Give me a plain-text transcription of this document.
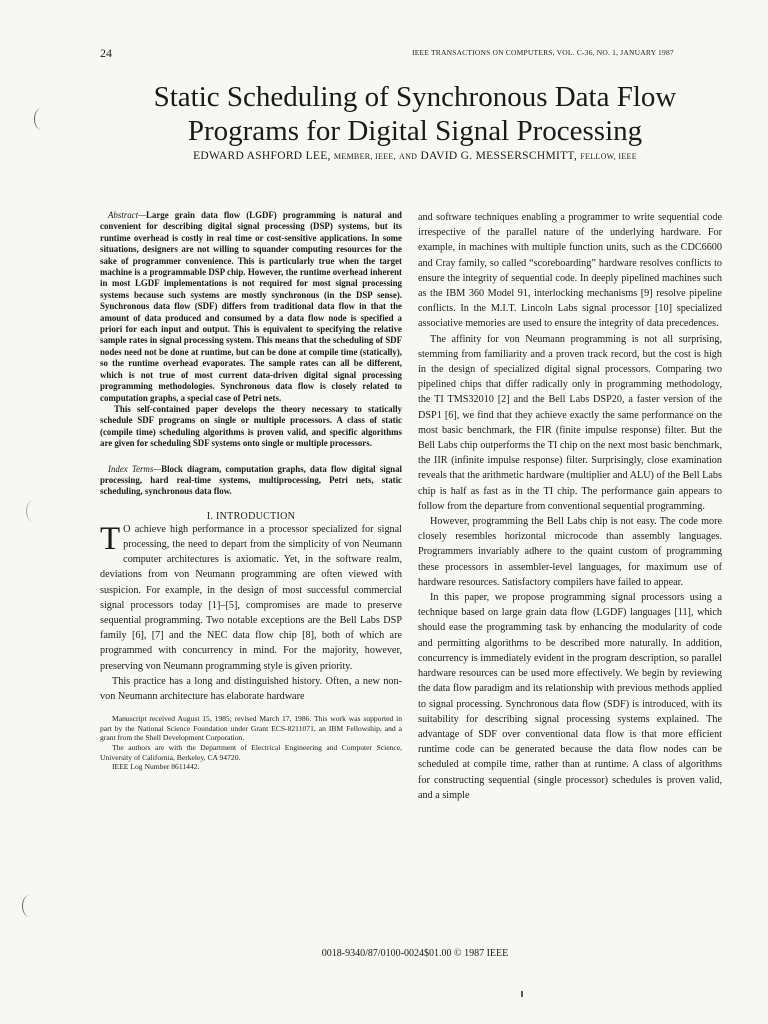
24	IEEE TRANSACTIONS ON COMPUTERS, VOL. C-36, NO. 1, JANUARY 1987
Static Scheduling of Synchronous Data Flow
Programs for Digital Signal Processing
EDWARD ASHFORD LEE, MEMBER, IEEE, AND DAVID G. MESSERSCHMITT, FELLOW, IEEE

Abstract—Large grain data flow (LGDF) programming is natural and convenient for describing digital signal processing (DSP) systems, but its runtime overhead is costly in real time or cost-sensitive applications. In some situations, designers are not willing to squander computing resources for the sake of programmer convenience. This is particularly true when the target machine is a programmable DSP chip. However, the runtime overhead inherent in most LGDF implementations is not required for most signal processing systems because such systems are mostly synchronous (in the DSP sense). Synchronous data flow (SDF) differs from traditional data flow in that the amount of data produced and consumed by a data flow node is specified a priori for each input and output. This is equivalent to specifying the relative sample rates in signal processing system. This means that the scheduling of SDF nodes need not be done at runtime, but can be done at compile time (statically), so the runtime overhead evaporates. The sample rates can all be different, which is not true of most current data-driven digital signal processing programming methodologies. Synchronous data flow is closely related to computation graphs, a special case of Petri nets.

This self-contained paper develops the theory necessary to statically schedule SDF programs on single or multiple processors. A class of static (compile time) scheduling algorithms is proven valid, and specific algorithms are given for scheduling SDF systems onto single or multiple processors.

Index Terms—Block diagram, computation graphs, data flow digital signal processing, hard real-time systems, multiprocessing, Petri nets, static scheduling, synchronous data flow.
I. INTRODUCTION

T O achieve high performance in a processor specialized for signal processing, the need to depart from the simplicity of von Neumann computer architectures is axiomatic. Yet, in the software realm, deviations from von Neumann programming are often viewed with suspicion. For example, in the design of most successful commercial signal processors today [1]–[5], compromises are made to preserve sequential programming. Two notable exceptions are the Bell Labs DSP family [6], [7] and the NEC data flow chip [8], both of which are programmed with concurrency in mind. For the majority, however, preserving von Neumann programming style is given priority.

This practice has a long and distinguished history. Often, a new non-von Neumann architecture has elaborate hardware

Manuscript received August 15, 1985; revised March 17, 1986. This work was supported in part by the National Science Foundation under Grant ECS-8211071, an IBM Fellowship, and a grant from the Shell Development Corporation.

The authors are with the Department of Electrical Engineering and Computer Science, University of California, Berkeley, CA 94720.

IEEE Log Number 8611442.

and software techniques enabling a programmer to write sequential code irrespective of the parallel nature of the underlying hardware. For example, in machines with multiple function units, such as the CDC6600 and Cray family, so called “scoreboarding” hardware resolves conflicts to ensure the integrity of sequential code. In deeply pipelined machines such as the IBM 360 Model 91, interlocking mechanisms [9] resolve pipeline conflicts. In the M.I.T. Lincoln Labs signal processor [10] specialized associative memories are used to ensure the integrity of data precedences.

The affinity for von Neumann programming is not all surprising, stemming from familiarity and a proven track record, but the cost is high in the design of specialized digital signal processors. Comparing two pipelined chips that differ radically only in programming methodology, the TI TMS32010 [2] and the Bell Labs DSP20, a faster version of the DSP1 [6], we find that they achieve exactly the same performance on the most basic benchmark, the FIR (finite impulse response) filter. But the Bell Labs chip outperforms the TI chip on the next most basic benchmark, the IIR (infinite impulse response) filter. Surprisingly, close examination reveals that the arithmetic hardware (multiplier and ALU) of the Bell Labs chip is half as fast as in the TI chip. The performance gain appears to follow from the departure from conventional sequential programming.

However, programming the Bell Labs chip is not easy. The code more closely resembles horizontal microcode than assembly languages. Programmers invariably adhere to the quaint custom of programming these processors in assembler-level languages, for maximum use of hardware resources. Satisfactory compilers have failed to appear.

In this paper, we propose programming signal processors using a technique based on large grain data flow (LGDF) languages [11], which should ease the programming task by enhancing the modularity of code and permitting algorithms to be described more naturally. In addition, concurrency is immediately evident in the program description, so parallel hardware resources can be used more effectively. We begin by reviewing the data flow paradigm and its relationship with previous methods applied to signal processing. Synchronous data flow (SDF) is introduced, with its suitability for describing signal processing systems explained. The advantage of SDF over conventional data flow is that more efficient runtime code can be generated because the data flow nodes can be scheduled at compile time, rather than at runtime. A class of algorithms for constructing sequential (single processor) schedules is proven valid, and a simple

0018-9340/87/0100-0024$01.00 © 1987 IEEE
